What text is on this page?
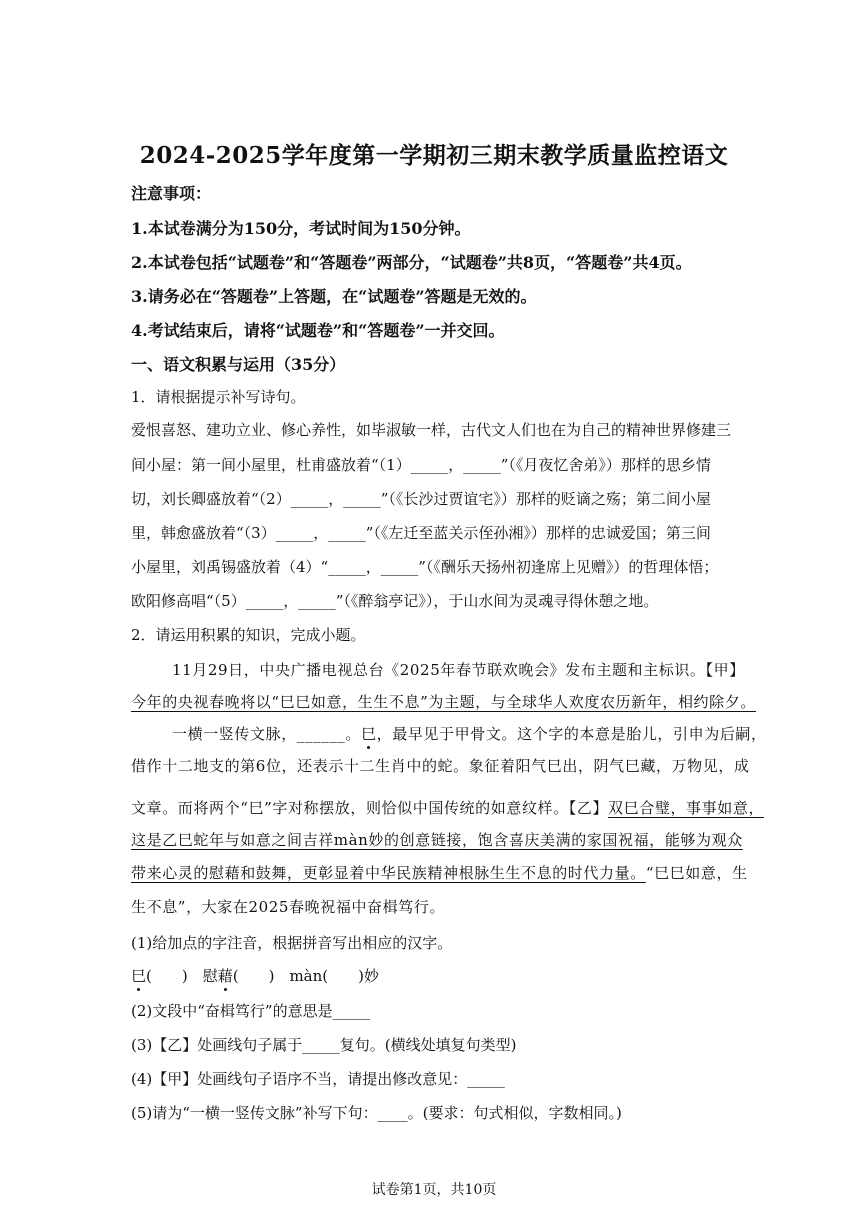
2024-2025学年度第一学期初三期末教学质量监控语文
注意事项：
1.本试卷满分为150分，考试时间为150分钟。
2.本试卷包括“试题卷”和“答题卷”两部分，“试题卷”共8页，“答题卷”共4页。
3.请务必在“答题卷”上答题，在“试题卷”答题是无效的。
4.考试结束后，请将“试题卷”和“答题卷”一并交回。
一、语文积累与运用（35分）
1．请根据提示补写诗句。
爱恨喜怒、建功立业、修心养性，如毕淑敏一样，古代文人们也在为自己的精神世界修建三
间小屋：第一间小屋里，杜甫盛放着“（1）_____，_____”（《月夜忆舍弟》）那样的思乡情
切，刘长卿盛放着“（2）_____，_____”（《长沙过贾谊宅》）那样的贬谪之殇；第二间小屋
里，韩愈盛放着“（3）_____，_____”（《左迁至蓝关示侄孙湘》）那样的忠诚爱国；第三间
小屋里，刘禹锡盛放着（4）“_____，_____”（《酬乐天扬州初逢席上见赠》）的哲理体悟；
欧阳修高唱“（5）_____，_____”（《醉翁亭记》），于山水间为灵魂寻得休憩之地。
2．请运用积累的知识，完成小题。
11月29日，中央广播电视总台《2025年春节联欢晚会》发布主题和主标识。【甲】
今年的央视春晚将以“巳巳如意，生生不息”为主题，与全球华人欢度农历新年，相约除夕。
一横一竖传文脉，______。巳，最早见于甲骨文。这个字的本意是胎儿，引申为后嗣，
借作十二地支的第6位，还表示十二生肖中的蛇。象征着阳气巳出，阴气巳藏，万物见，成
文章。而将两个“巳”字对称摆放，则恰似中国传统的如意纹样。【乙】双巳合璧，事事如意，
这是乙巳蛇年与如意之间吉祥màn妙的创意链接，饱含喜庆美满的家国祝福，能够为观众
带来心灵的慰藉和鼓舞，更彰显着中华民族精神根脉生生不息的时代力量。“巳巳如意，生
生不息”，大家在2025春晚祝福中奋楫笃行。
(1)给加点的字注音，根据拼音写出相应的汉字。
巳(　　)　慰藉(　　)　màn(　　)妙
(2)文段中“奋楫笃行”的意思是_____
(3)【乙】处画线句子属于_____复句。(横线处填复句类型)
(4)【甲】处画线句子语序不当，请提出修改意见：_____
(5)请为“一横一竖传文脉”补写下句：____。(要求：句式相似，字数相同。)
试卷第1页，共10页
